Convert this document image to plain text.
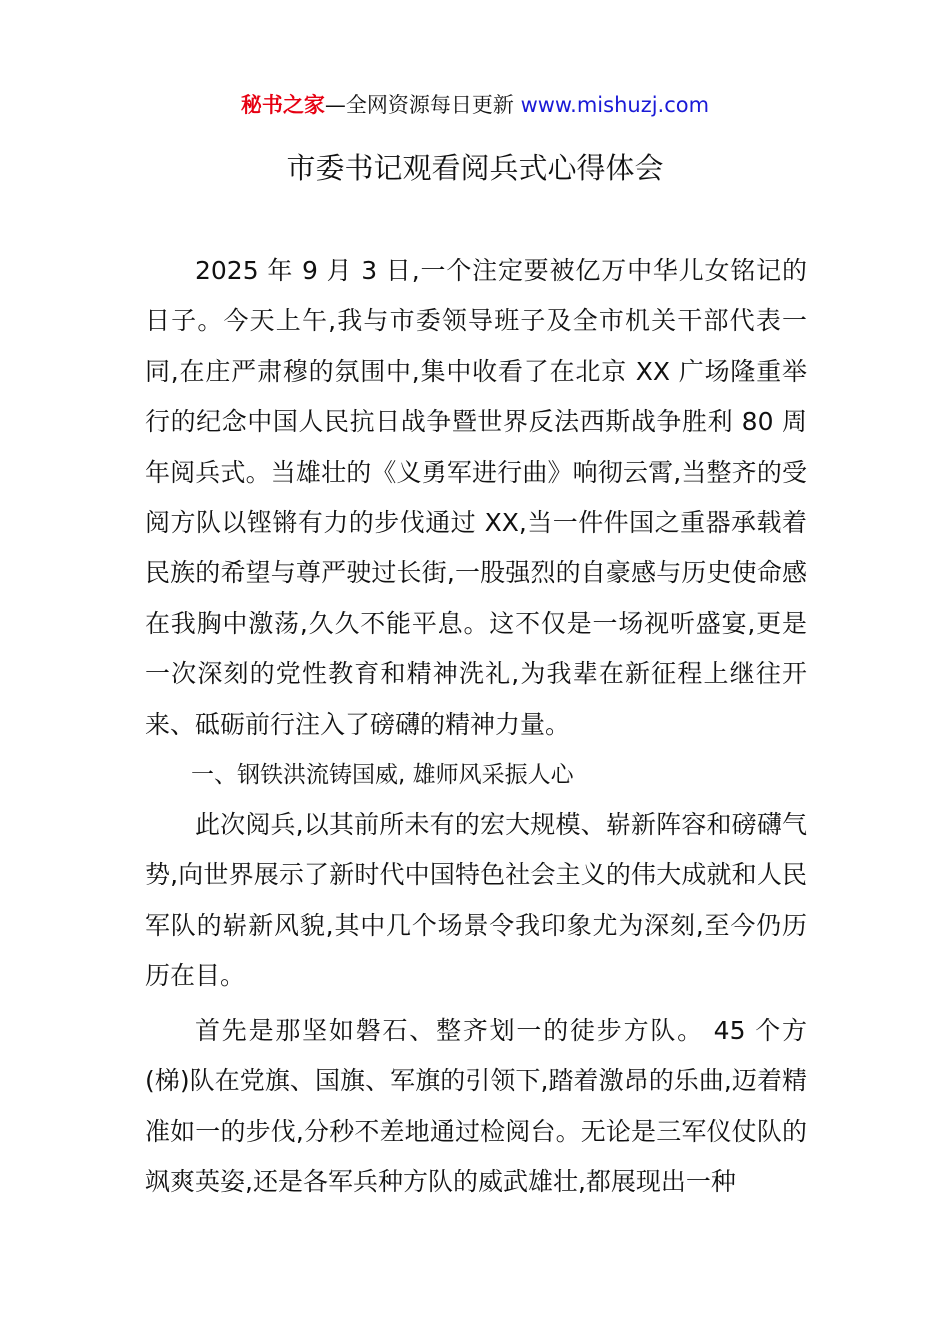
秘书之家—全网资源每日更新 www.mishuzj.com
市委书记观看阅兵式心得体会

2025 年 9 月 3 日,一个注定要被亿万中华儿女铭记的日子。今天上午,我与市委领导班子及全市机关干部代表一同,在庄严肃穆的氛围中,集中收看了在北京 XX 广场隆重举行的纪念中国人民抗日战争暨世界反法西斯战争胜利 80 周年阅兵式。当雄壮的《义勇军进行曲》响彻云霄,当整齐的受阅方队以铿锵有力的步伐通过 XX,当一件件国之重器承载着民族的希望与尊严驶过长街,一股强烈的自豪感与历史使命感在我胸中激荡,久久不能平息。这不仅是一场视听盛宴,更是一次深刻的党性教育和精神洗礼,为我辈在新征程上继往开来、砥砺前行注入了磅礴的精神力量。

一、钢铁洪流铸国威, 雄师风采振人心

此次阅兵,以其前所未有的宏大规模、崭新阵容和磅礴气势,向世界展示了新时代中国特色社会主义的伟大成就和人民军队的崭新风貌,其中几个场景令我印象尤为深刻,至今仍历历在目。

首先是那坚如磐石、整齐划一的徒步方队。 45 个方(梯)队在党旗、国旗、军旗的引领下,踏着激昂的乐曲,迈着精准如一的步伐,分秒不差地通过检阅台。无论是三军仪仗队的飒爽英姿,还是各军兵种方队的威武雄壮,都展现出一种
